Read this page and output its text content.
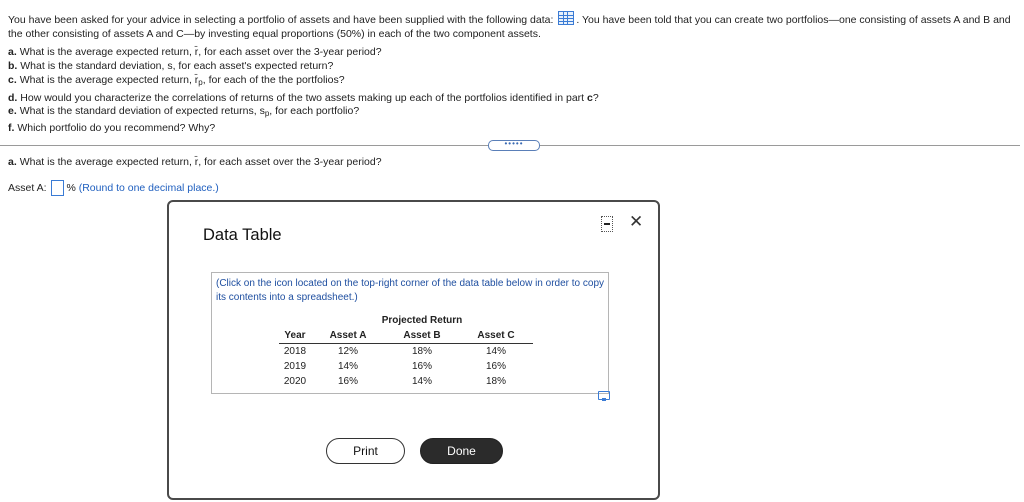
You have been asked for your advice in selecting a portfolio of assets and have been supplied with the following data: . You have been told that you can create two portfolios—one consisting of assets A and B and the other consisting of assets A and C—by investing equal proportions (50%) in each of the two component assets.
a. What is the average expected return, r̄, for each asset over the 3-year period?
b. What is the standard deviation, s, for each asset's expected return?
c. What is the average expected return, $r̄_p$, for each of the the portfolios?
d. How would you characterize the correlations of returns of the two assets making up each of the portfolios identified in part c?
e. What is the standard deviation of expected returns, $s_p$, for each portfolio?
f. Which portfolio do you recommend? Why?
•••••
a. What is the average expected return, r̄, for each asset over the 3-year period?
Asset A: % (Round to one decimal place.)
Data Table
✕
(Click on the icon located on the top-right corner of the data table below in order to copy its contents into a spreadsheet.)
	Projected Return		
Year	Asset A	Asset B	Asset C
2018	12%	18%	14%
2019	14%	16%	16%
2020	16%	14%	18%
Print	Done
